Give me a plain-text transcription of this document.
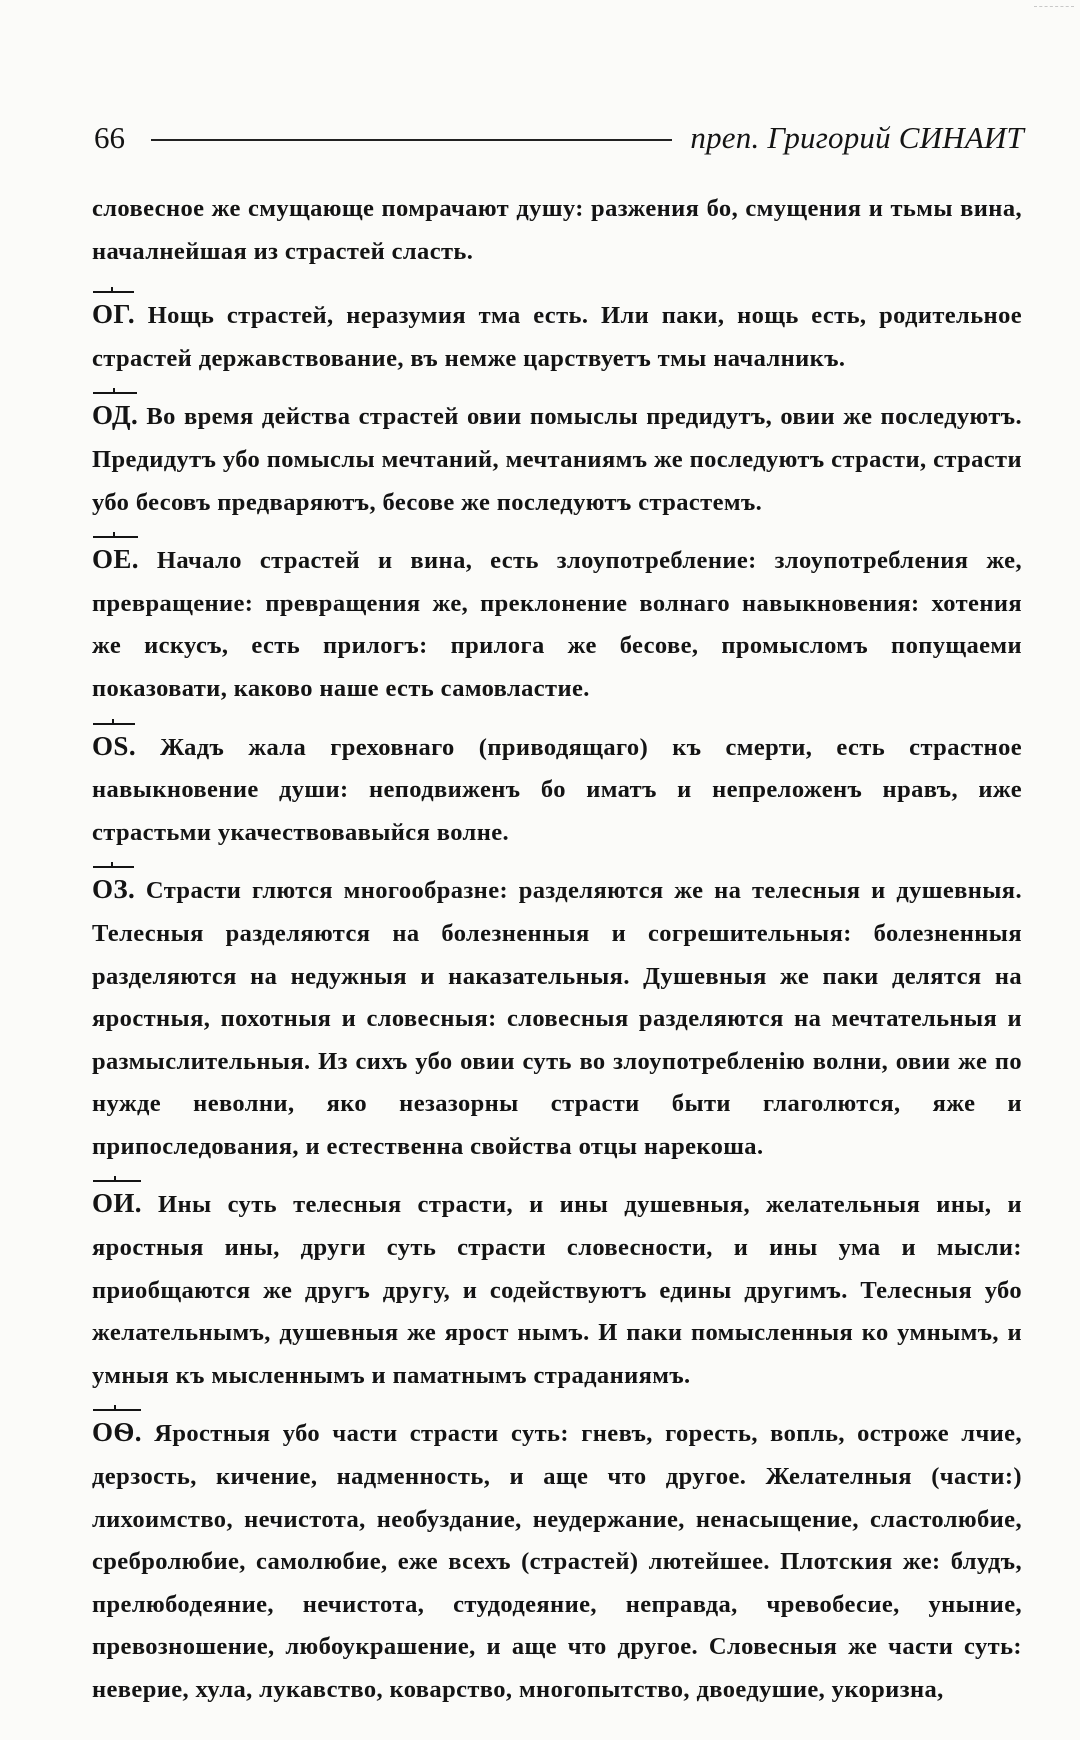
66	преп. Григорий СИНАИТ

словесное же смущающе помрачают душу: разжения бо, смущения и тьмы вина, началнейшая из страстей сласть.

ОГ. Нощь страстей, неразумия тма есть. Или паки, нощь есть, родительное страстей державствование, въ немже царствуетъ тмы началникъ.

ОД. Во время действа страстей овии помыслы предидутъ, овии же последуютъ. Предидутъ убо помыслы мечтаний, мечтаниямъ же последуютъ страсти, страсти убо бесовъ предваряютъ, бесове же последуютъ страстемъ.

ОЕ. Начало страстей и вина, есть злоупотребление: злоупотребления же, превращение: превращения же, преклонение волнаго навыкновения: хотения же искусъ, есть прилогъ: прилога же бесове, промысломъ попущаеми показовати, каково наше есть самовластие.

ОS. Жадъ жала греховнаго (приводящаго) къ смерти, есть страстное навыкновение души: неподвиженъ бо иматъ и непреложенъ нравъ, иже страстьми укачествовавыйся волне.

ОЗ. Страсти глются многообразне: разделяются же на телесныя и душевныя. Телесныя разделяются на болезненныя и согрешительныя: болезненныя разделяются на недужныя и наказательныя. Душевныя же паки делятся на яростныя, похотныя и словесныя: словесныя разделяются на мечтательныя и размыслительныя. Из сихъ убо овии суть во злоупотребленiю волни, овии же по нужде неволни, яко незазорны страсти быти глаголются, яже и припоследования, и естественна свойства отцы нарекоша.

ОИ. Ины суть телесныя страсти, и ины душевныя, желательныя ины, и яростныя ины, други суть страсти словесности, и ины ума и мысли: приобщаются же другъ другу, и содействуютъ едины другимъ. Телесныя убо желательнымъ, душевныя же ярост нымъ. И паки помысленныя ко умнымъ, и умныя къ мысленнымъ и паматнымъ страданиямъ.

ОѲ. Яростныя убо части страсти суть: гневъ, горесть, вопль, остроже лчие, дерзость, кичение, надменность, и аще что другое. Желателныя (части:) лихоимство, нечистота, необузданиe, неудержание, ненасыщение, сластолюбие, сребролюбие, самолюбие, еже всехъ (страстей) лютейшее. Плотския же: блудъ, прелюбодеяние, нечистота, студодеяние, неправда, чревобесие, уныние, превозношение, любоукрашение, и аще что другое. Словесныя же части суть: неверие, хула, лукавство, коварство, многопытство, двоедушие, укоризна,
